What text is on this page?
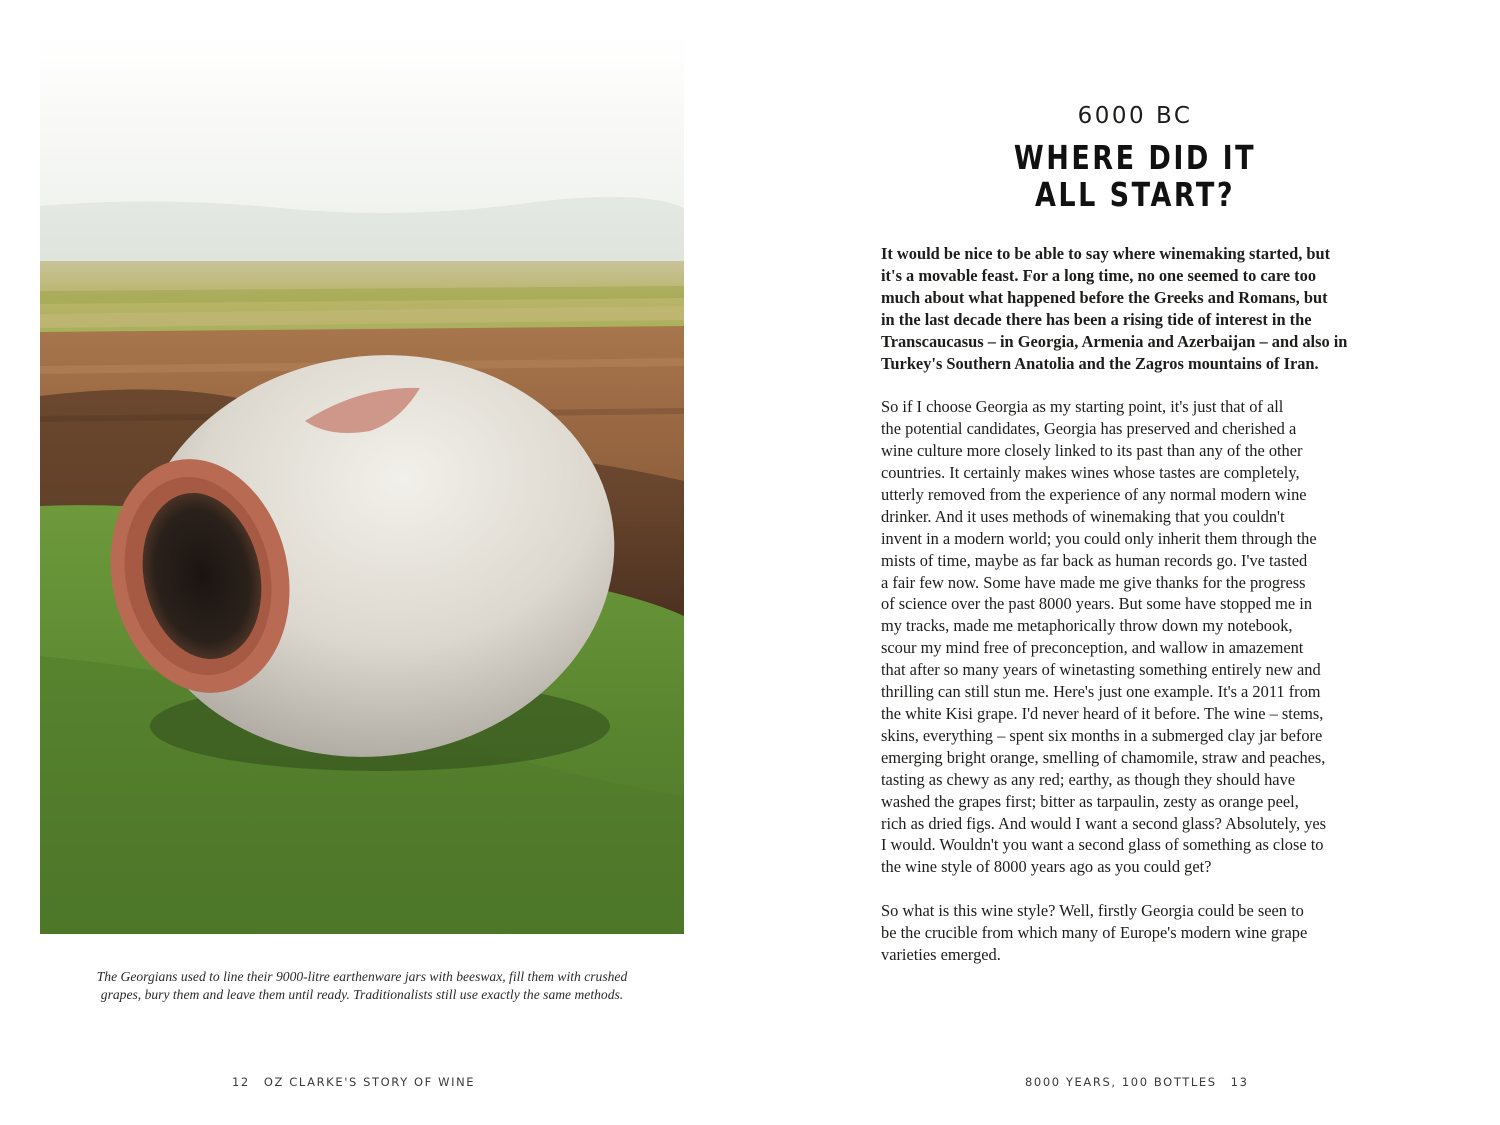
The Georgians used to line their 9000-litre earthenware jars with beeswax, fill them with crushed
grapes, bury them and leave them until ready. Traditionalists still use exactly the same methods.
12 OZ CLARKE'S STORY OF WINE
6000 BC
WHERE DID IT
ALL START?
It would be nice to be able to say where winemaking started, but
it's a movable feast. For a long time, no one seemed to care too
much about what happened before the Greeks and Romans, but
in the last decade there has been a rising tide of interest in the
Transcaucasus – in Georgia, Armenia and Azerbaijan – and also in
Turkey's Southern Anatolia and the Zagros mountains of Iran.
So if I choose Georgia as my starting point, it's just that of all
the potential candidates, Georgia has preserved and cherished a
wine culture more closely linked to its past than any of the other
countries. It certainly makes wines whose tastes are completely,
utterly removed from the experience of any normal modern wine
drinker. And it uses methods of winemaking that you couldn't
invent in a modern world; you could only inherit them through the
mists of time, maybe as far back as human records go. I've tasted
a fair few now. Some have made me give thanks for the progress
of science over the past 8000 years. But some have stopped me in
my tracks, made me metaphorically throw down my notebook,
scour my mind free of preconception, and wallow in amazement
that after so many years of winetasting something entirely new and
thrilling can still stun me. Here's just one example. It's a 2011 from
the white Kisi grape. I'd never heard of it before. The wine – stems,
skins, everything – spent six months in a submerged clay jar before
emerging bright orange, smelling of chamomile, straw and peaches,
tasting as chewy as any red; earthy, as though they should have
washed the grapes first; bitter as tarpaulin, zesty as orange peel,
rich as dried figs. And would I want a second glass? Absolutely, yes
I would. Wouldn't you want a second glass of something as close to
the wine style of 8000 years ago as you could get?
So what is this wine style? Well, firstly Georgia could be seen to
be the crucible from which many of Europe's modern wine grape
varieties emerged.
8000 YEARS, 100 BOTTLES 13
